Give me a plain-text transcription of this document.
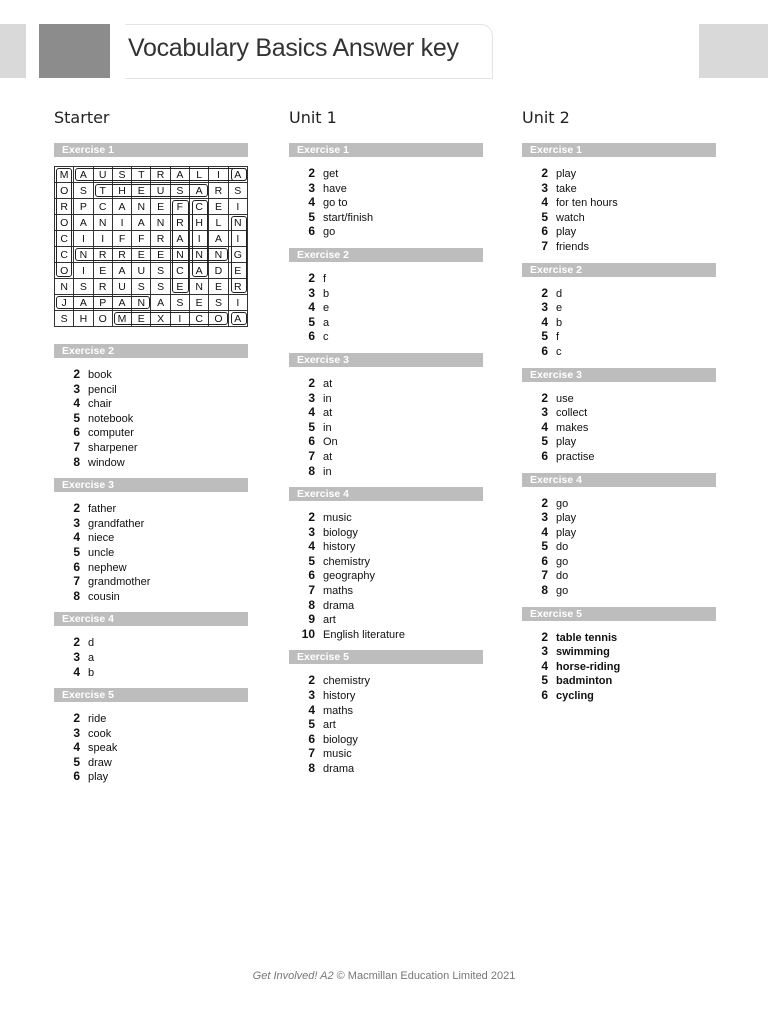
Vocabulary Basics Answer key
Starter
Exercise 1
M	A	U	S	T	R	A	L	I	A
O	S	T	H	E	U	S	A	R	S
R	P	C	A	N	E	F	C	E	I
O	A	N	I	A	N	R	H	L	N
C	I	I	F	F	R	A	I	A	I
C	N	R	R	E	E	N	N	N	G
O	I	E	A	U	S	C	A	D	E
N	S	R	U	S	S	E	N	E	R
J	A	P	A	N	A	S	E	S	I
S	H	O	M	E	X	I	C	O	A
Exercise 2
2 book
3 pencil
4 chair
5 notebook
6 computer
7 sharpener
8 window
Exercise 3
2 father
3 grandfather
4 niece
5 uncle
6 nephew
7 grandmother
8 cousin
Exercise 4
2 d
3 a
4 b
Exercise 5
2 ride
3 cook
4 speak
5 draw
6 play
Unit 1
Exercise 1
2 get
3 have
4 go to
5 start/finish
6 go
Exercise 2
2 f
3 b
4 e
5 a
6 c
Exercise 3
2 at
3 in
4 at
5 in
6 On
7 at
8 in
Exercise 4
2 music
3 biology
4 history
5 chemistry
6 geography
7 maths
8 drama
9 art
10 English literature
Exercise 5
2 chemistry
3 history
4 maths
5 art
6 biology
7 music
8 drama
Unit 2
Exercise 1
2 play
3 take
4 for ten hours
5 watch
6 play
7 friends
Exercise 2
2 d
3 e
4 b
5 f
6 c
Exercise 3
2 use
3 collect
4 makes
5 play
6 practise
Exercise 4
2 go
3 play
4 play
5 do
6 go
7 do
8 go
Exercise 5
2 table tennis
3 swimming
4 horse-riding
5 badminton
6 cycling
Get Involved! A2 © Macmillan Education Limited 2021
